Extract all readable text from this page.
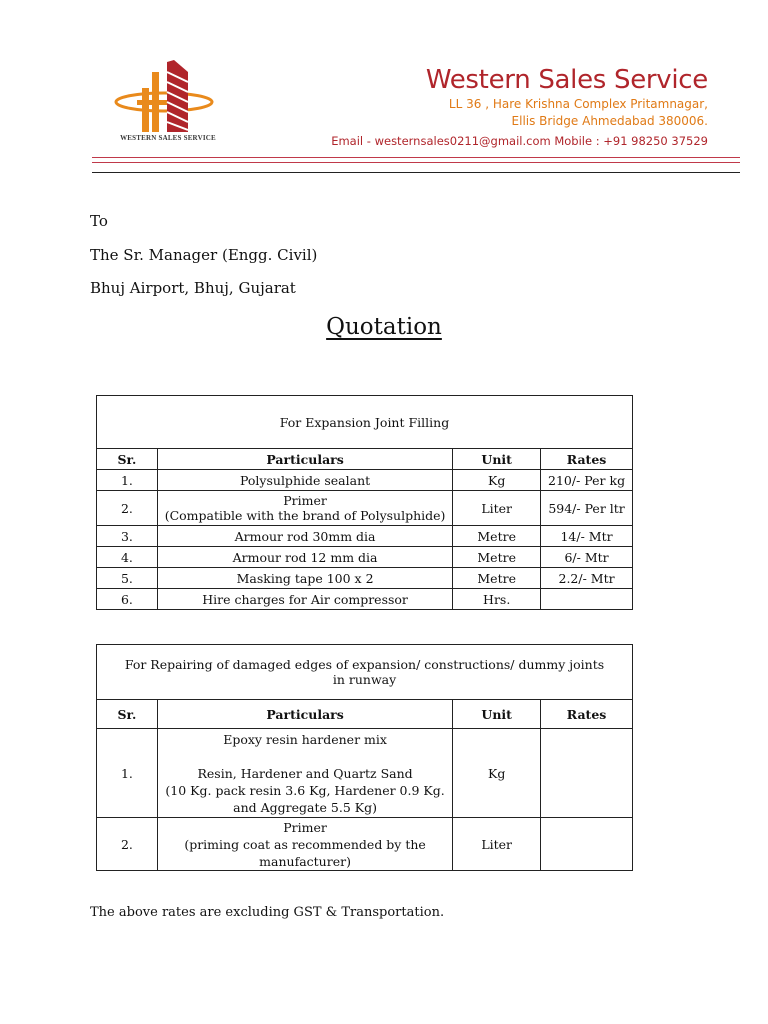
WESTERN SALES SERVICE
Western Sales Service
LL 36 , Hare Krishna Complex Pritamnagar,
Ellis Bridge Ahmedabad 380006.
Email - westernsales0211@gmail.com Mobile : +91 98250 37529
To
The Sr. Manager (Engg. Civil)
Bhuj Airport, Bhuj, Gujarat
Quotation
For Expansion Joint Filling			
Sr.	Particulars	Unit	Rates
1.	Polysulphide sealant	Kg	210/- Per kg
2.	Primer
(Compatible with the brand of Polysulphide)	Liter	594/- Per ltr
3.	Armour rod 30mm dia	Metre	14/- Mtr
4.	Armour rod 12 mm dia	Metre	6/- Mtr
5.	Masking tape 100 x 2	Metre	2.2/- Mtr
6.	Hire charges for Air compressor	Hrs.	
For Repairing of damaged edges of expansion/ constructions/ dummy joints
in runway			

Sr.	Particulars	Unit	Rates
1.	Epoxy resin hardener mix
Resin, Hardener and Quartz Sand
(10 Kg. pack resin 3.6 Kg, Hardener 0.9 Kg.
and Aggregate 5.5 Kg)	Kg	
2.	Primer
(priming coat as recommended by the
manufacturer)	Liter	
The above rates are excluding GST & Transportation.
